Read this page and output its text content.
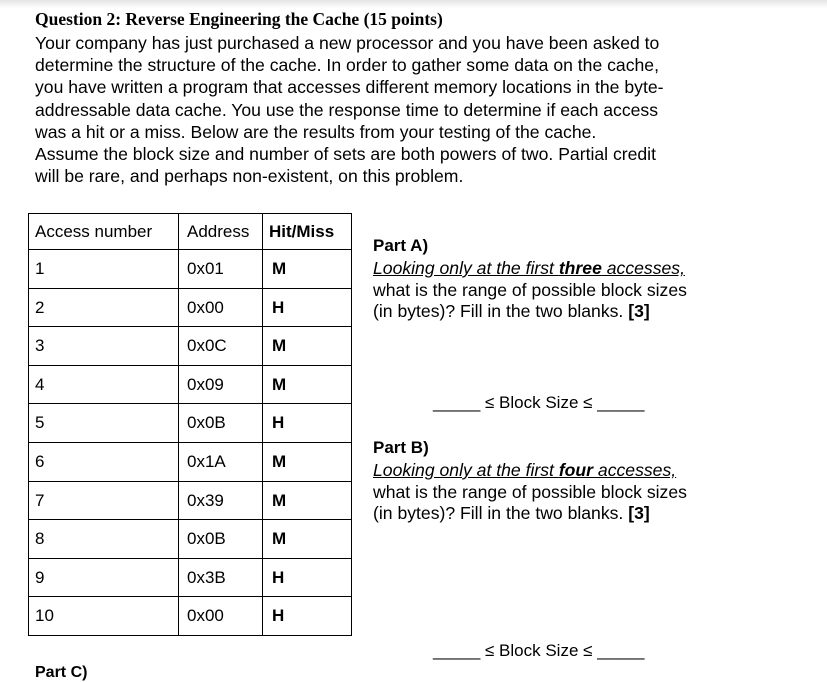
Question 2: Reverse Engineering the Cache (15 points)
Your company has just purchased a new processor and you have been asked to
determine the structure of the cache. In order to gather some data on the cache,
you have written a program that accesses different memory locations in the byte-
addressable data cache. You use the response time to determine if each access
was a hit or a miss. Below are the results from your testing of the cache.
Assume the block size and number of sets are both powers of two. Partial credit
will be rare, and perhaps non-existent, on this problem.
Access number	Address	Hit/Miss
1	0x01	M
2	0x00	H
3	0x0C	M
4	0x09	M
5	0x0B	H
6	0x1A	M
7	0x39	M
8	0x0B	M
9	0x3B	H
10	0x00	H
Part A)
Looking only at the first three accesses,
what is the range of possible block sizes
(in bytes)? Fill in the two blanks. [3]
_____ ≤ Block Size ≤ _____
Part B)
Looking only at the first four accesses,
what is the range of possible block sizes
(in bytes)? Fill in the two blanks. [3]
_____ ≤ Block Size ≤ _____
Part C)
